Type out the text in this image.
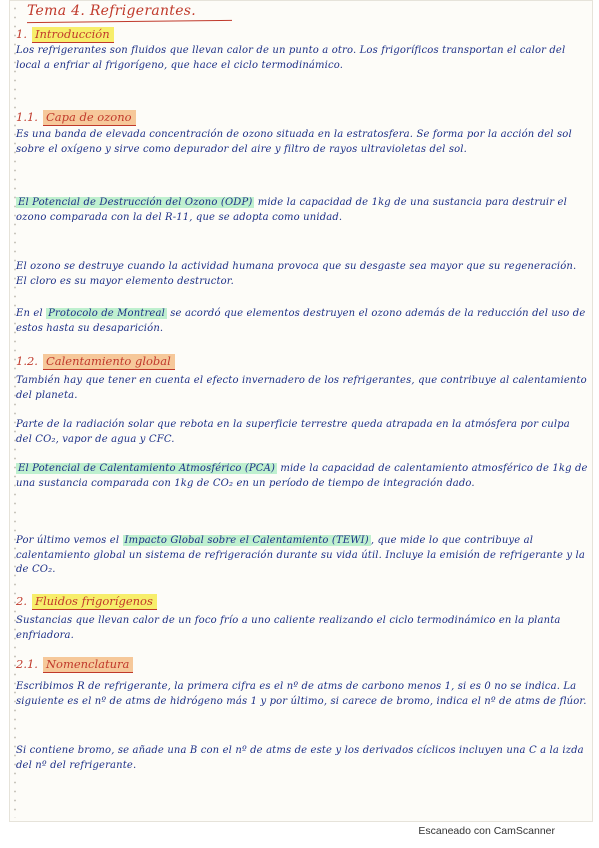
Tema 4. Refrigerantes.
1. Introducción

Los refrigerantes son fluidos que llevan calor de un punto a otro. Los frigoríficos transportan el calor del local a enfriar al frigorígeno, que hace el ciclo termodinámico.

1.1. Capa de ozono

Es una banda de elevada concentración de ozono situada en la estratosfera. Se forma por la acción del sol sobre el oxígeno y sirve como depurador del aire y filtro de rayos ultravioletas del sol.

El Potencial de Destrucción del Ozono (ODP) mide la capacidad de 1kg de una sustancia para destruir el ozono comparada con la del R-11, que se adopta como unidad.

El ozono se destruye cuando la actividad humana provoca que su desgaste sea mayor que su regeneración. El cloro es su mayor elemento destructor.

En el Protocolo de Montreal se acordó que elementos destruyen el ozono además de la reducción del uso de estos hasta su desaparición.

1.2. Calentamiento global

También hay que tener en cuenta el efecto invernadero de los refrigerantes, que contribuye al calentamiento del planeta.

Parte de la radiación solar que rebota en la superficie terrestre queda atrapada en la atmósfera por culpa del CO₂, vapor de agua y CFC.

El Potencial de Calentamiento Atmosférico (PCA) mide la capacidad de calentamiento atmosférico de 1kg de una sustancia comparada con 1kg de CO₂ en un período de tiempo de integración dado.

Por último vemos el Impacto Global sobre el Calentamiento (TEWI) , que mide lo que contribuye al calentamiento global un sistema de refrigeración durante su vida útil. Incluye la emisión de refrigerante y la de CO₂.

2. Fluidos frigorígenos

Sustancias que llevan calor de un foco frío a uno caliente realizando el ciclo termodinámico en la planta enfriadora.

2.1. Nomenclatura

Escribimos R de refrigerante, la primera cifra es el nº de atms de carbono menos 1, si es 0 no se indica. La siguiente es el nº de atms de hidrógeno más 1 y por último, si carece de bromo, indica el nº de atms de flúor.

Si contiene bromo, se añade una B con el nº de atms de este y los derivados cíclicos incluyen una C a la izda del nº del refrigerante.

Escaneado con CamScanner
